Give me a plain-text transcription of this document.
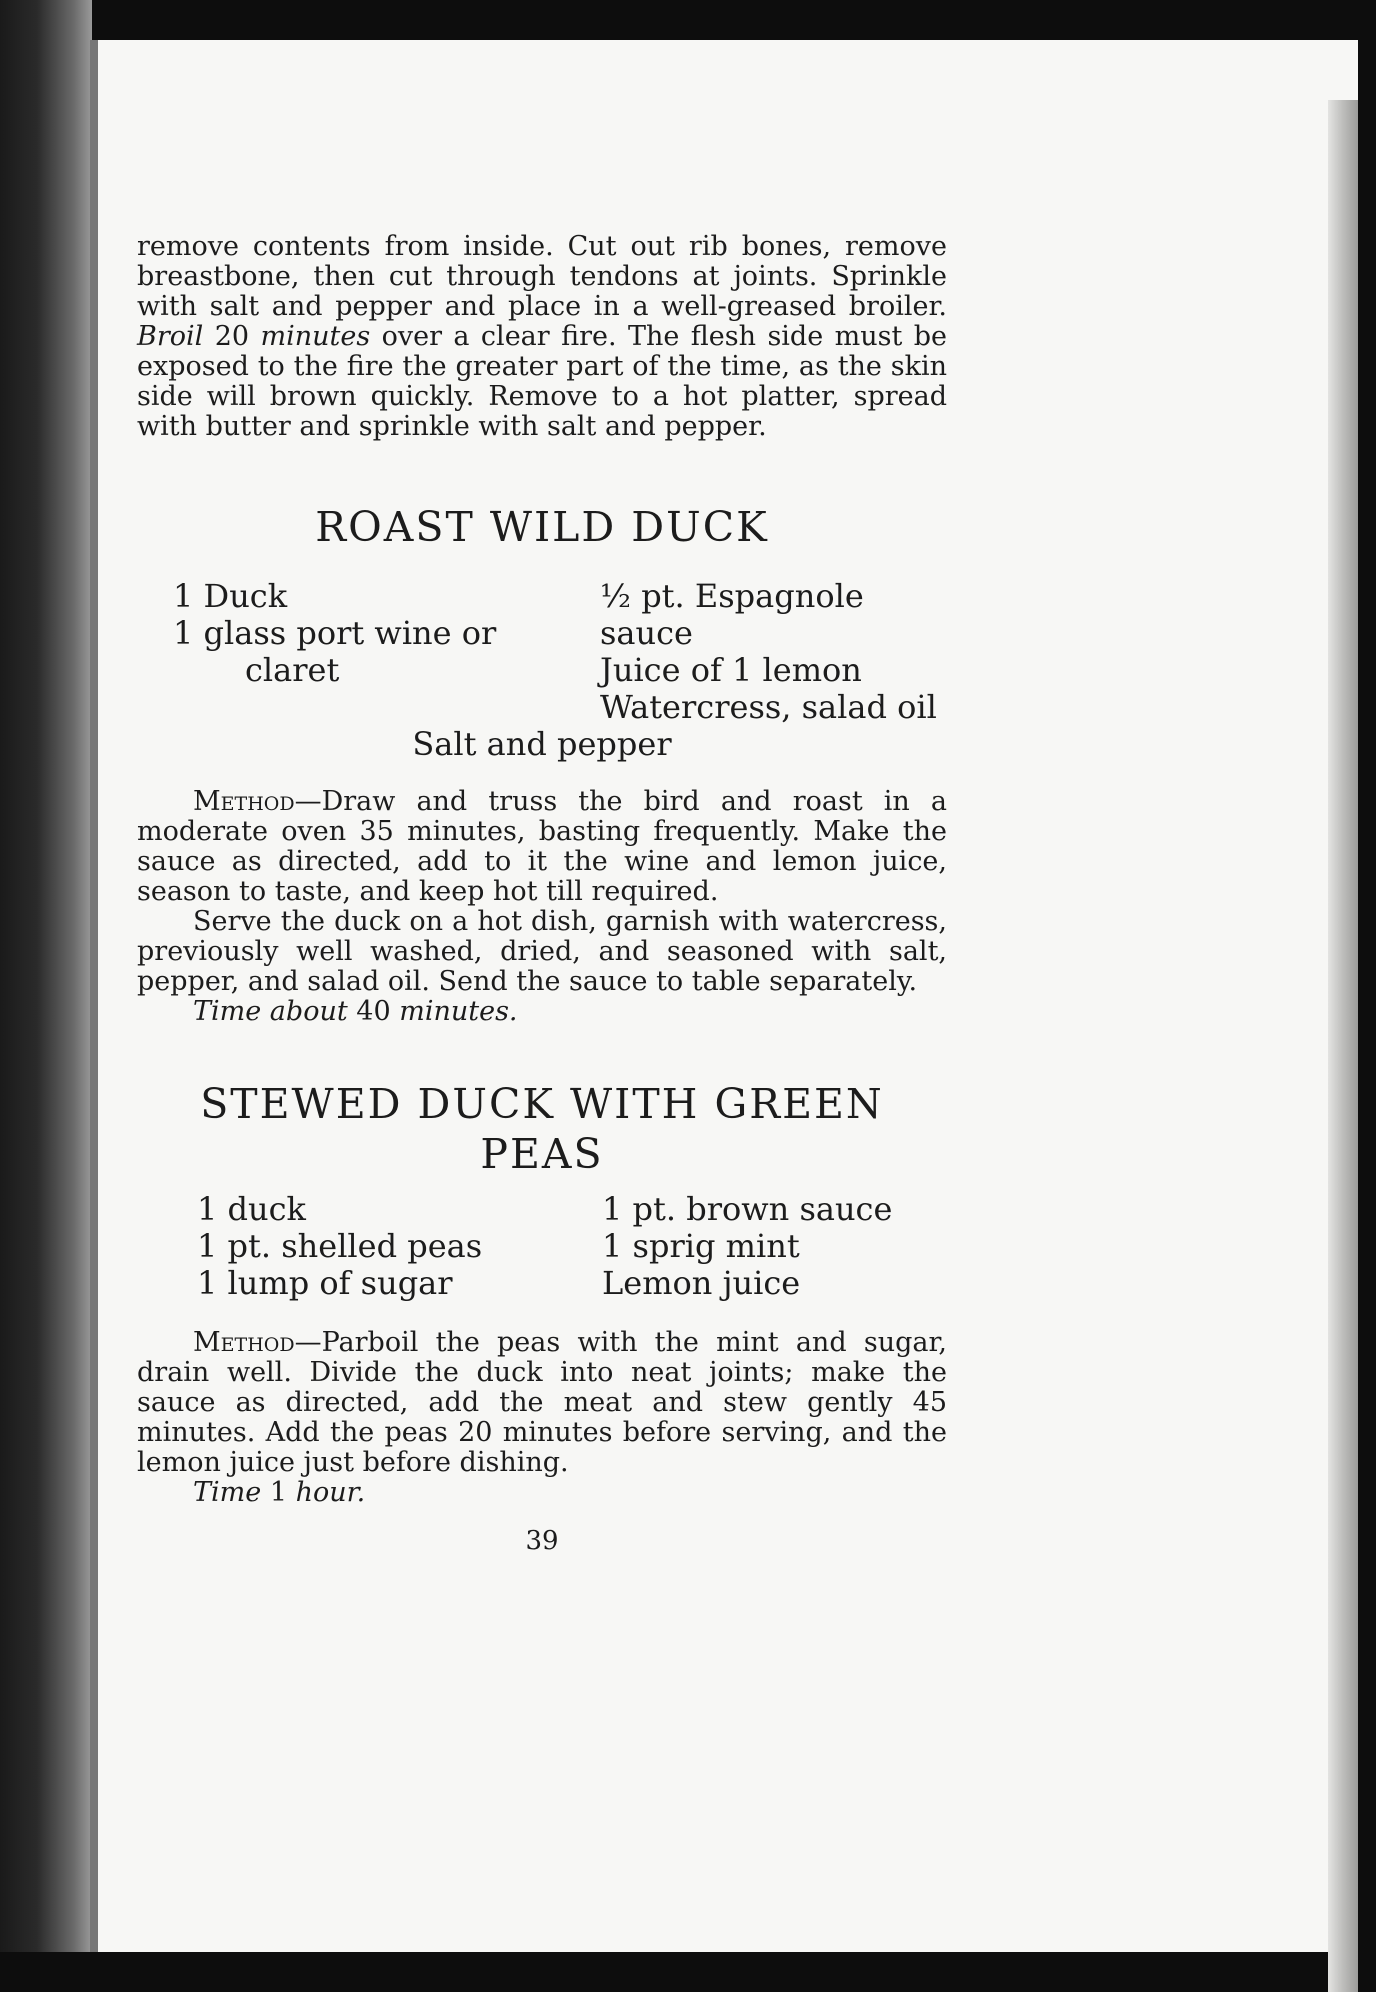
remove contents from inside. Cut out rib bones, remove breastbone, then cut through tendons at joints. Sprinkle with salt and pepper and place in a well-greased broiler. Broil 20 minutes over a clear fire. The flesh side must be exposed to the fire the greater part of the time, as the skin side will brown quickly. Remove to a hot platter, spread with butter and sprinkle with salt and pepper.

ROAST WILD DUCK
1 Duck
1 glass port wine or
claret
½ pt. Espagnole sauce
Juice of 1 lemon
Watercress, salad oil
Salt and pepper

Method—Draw and truss the bird and roast in a moderate oven 35 minutes, basting frequently. Make the sauce as directed, add to it the wine and lemon juice, season to taste, and keep hot till required.

Serve the duck on a hot dish, garnish with watercress, previously well washed, dried, and seasoned with salt, pepper, and salad oil. Send the sauce to table separately.

Time about 40 minutes.

STEWED DUCK WITH GREEN
PEAS
1 duck
1 pt. shelled peas
1 lump of sugar
1 pt. brown sauce
1 sprig mint
Lemon juice

Method—Parboil the peas with the mint and sugar, drain well. Divide the duck into neat joints; make the sauce as directed, add the meat and stew gently 45 minutes. Add the peas 20 minutes before serving, and the lemon juice just before dishing.

Time 1 hour.

39
